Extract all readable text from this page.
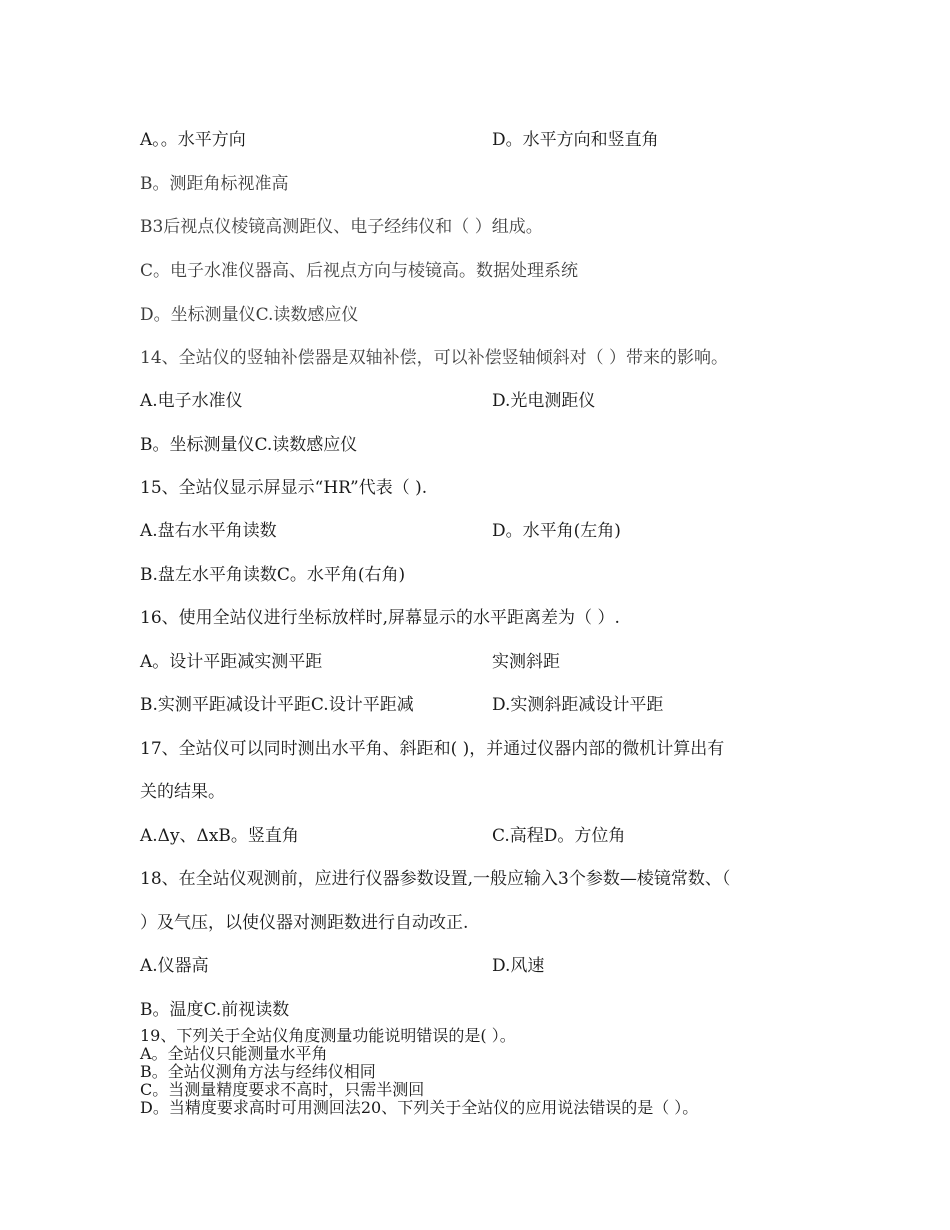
A。。水平方向	D。水平方向和竖直角
B。测距角标视准高
B3后视点仪棱镜高测距仪、电子经纬仪和（ ）组成。
C。电子水准仪器高、后视点方向与棱镜高。数据处理系统
D。坐标测量仪C.读数感应仪
14、全站仪的竖轴补偿器是双轴补偿，可以补偿竖轴倾斜对（ ）带来的影响。
A.电子水准仪	D.光电测距仪
B。坐标测量仪C.读数感应仪
15、全站仪显示屏显示“HR”代表（ ).
A.盘右水平角读数	D。水平角(左角)
B.盘左水平角读数C。水平角(右角)
16、使用全站仪进行坐标放样时,屏幕显示的水平距离差为（ ）.
A。设计平距减实测平距	实测斜距
B.实测平距减设计平距C.设计平距减	D.实测斜距减设计平距
17、全站仪可以同时测出水平角、斜距和( )，并通过仪器内部的微机计算出有
关的结果。
A.Δy、ΔxB。竖直角	C.高程D。方位角
18、在全站仪观测前，应进行仪器参数设置,一般应输入3个参数—棱镜常数、（
）及气压，以使仪器对测距数进行自动改正.
A.仪器高	D.风速
B。温度C.前视读数
19、下列关于全站仪角度测量功能说明错误的是( ）。
A。全站仪只能测量水平角
B。全站仪测角方法与经纬仪相同
C。当测量精度要求不高时，只需半测回
D。当精度要求高时可用测回法20、下列关于全站仪的应用说法错误的是（ ）。
